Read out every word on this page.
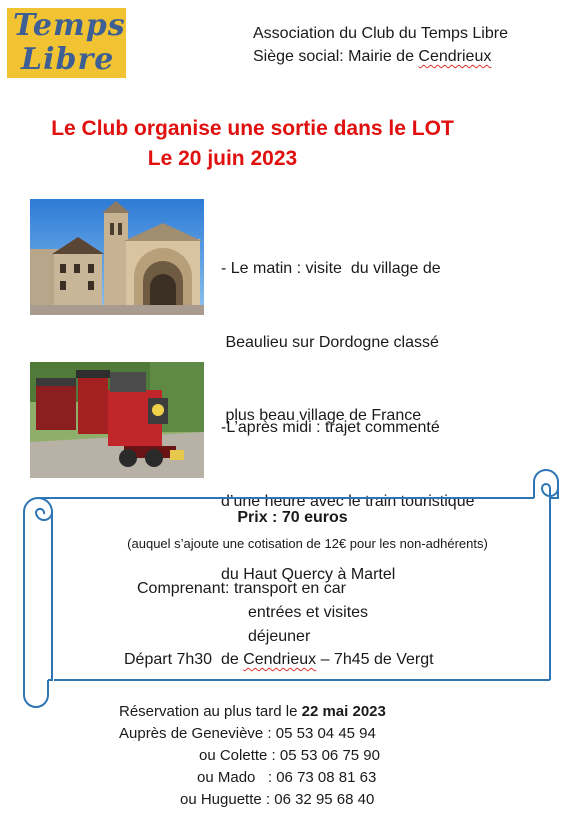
Temps
Libre
Association du Club du Temps Libre
Siège social: Mairie de Cendrieux
Le Club organise une sortie dans le LOT
Le 20 juin 2023

- Le matin : visite  du village de

Beaulieu sur Dordogne classé

plus beau village de France

-L’après midi : trajet commenté

d’une heure avec le train touristique

du Haut Quercy à Martel

Prix : 70 euros
(auquel s’ajoute une cotisation de 12€ pour les non-adhérents)
Comprenant: transport en car
entrées et visites
déjeuner
Départ 7h30  de Cendrieux – 7h45 de Vergt
Réservation au plus tard le 22 mai 2023
Auprès de Geneviève : 05 53 04 45 94
ou Colette : 05 53 06 75 90
ou Mado   : 06 73 08 81 63
ou Huguette : 06 32 95 68 40
